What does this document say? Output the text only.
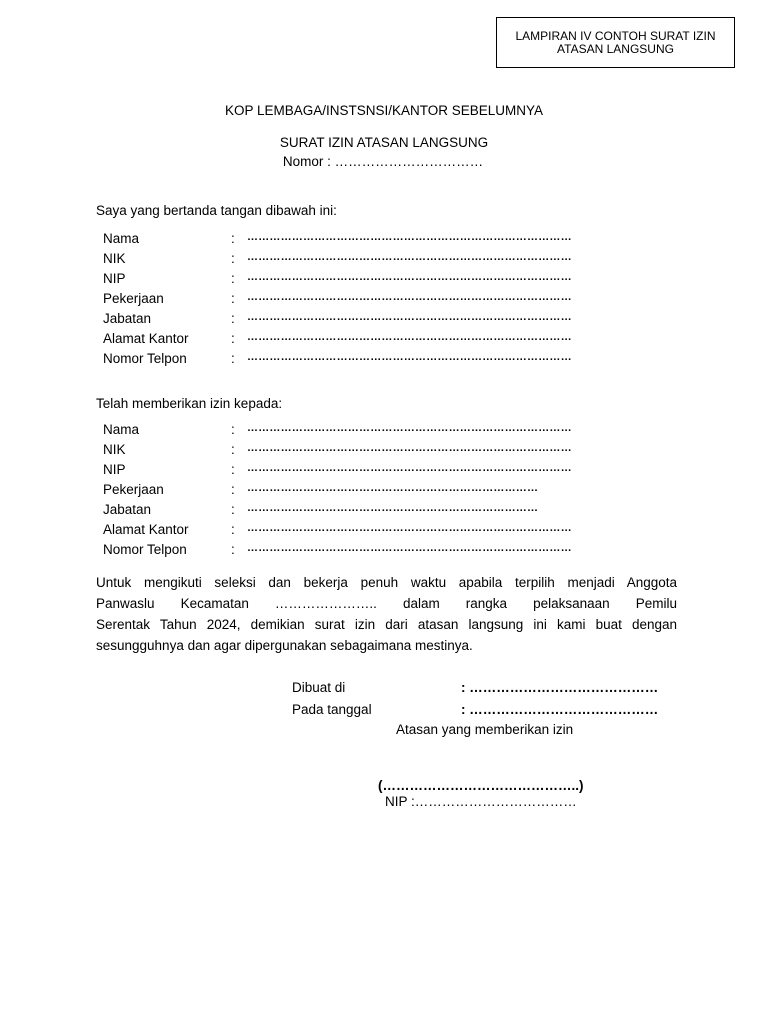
LAMPIRAN IV CONTOH SURAT IZIN
ATASAN LANGSUNG
KOP LEMBAGA/INSTSNSI/KANTOR SEBELUMNYA
SURAT IZIN ATASAN LANGSUNG
Nomor : ……………………………
Saya yang bertanda tangan dibawah ini:
Nama	: ……………………………………………………………………………
NIK	: ……………………………………………………………………………
NIP	: ……………………………………………………………………………
Pekerjaan	: ……………………………………………………………………………
Jabatan	: ……………………………………………………………………………
Alamat Kantor	: ……………………………………………………………………………
Nomor Telpon	: ……………………………………………………………………………
Telah memberikan izin kepada:
Nama	: ……………………………………………………………………………
NIK	: ……………………………………………………………………………
NIP	: ……………………………………………………………………………
Pekerjaan	: ……………………………………………………………………
Jabatan	: ……………………………………………………………………
Alamat Kantor	: ……………………………………………………………………………
Nomor Telpon	: ……………………………………………………………………………

Untuk mengikuti seleksi dan bekerja penuh waktu apabila terpilih menjadi Anggota

Panwaslu Kecamatan ………………….. dalam rangka pelaksanaan Pemilu

Serentak Tahun 2024, demikian surat izin dari atasan langsung ini kami buat dengan

sesungguhnya dan agar dipergunakan sebagaimana mestinya.

Dibuat di	: ……………………………………
Pada tanggal	: ……………………………………
Atasan yang memberikan izin
(……………………………………..)
NIP :………………………………
